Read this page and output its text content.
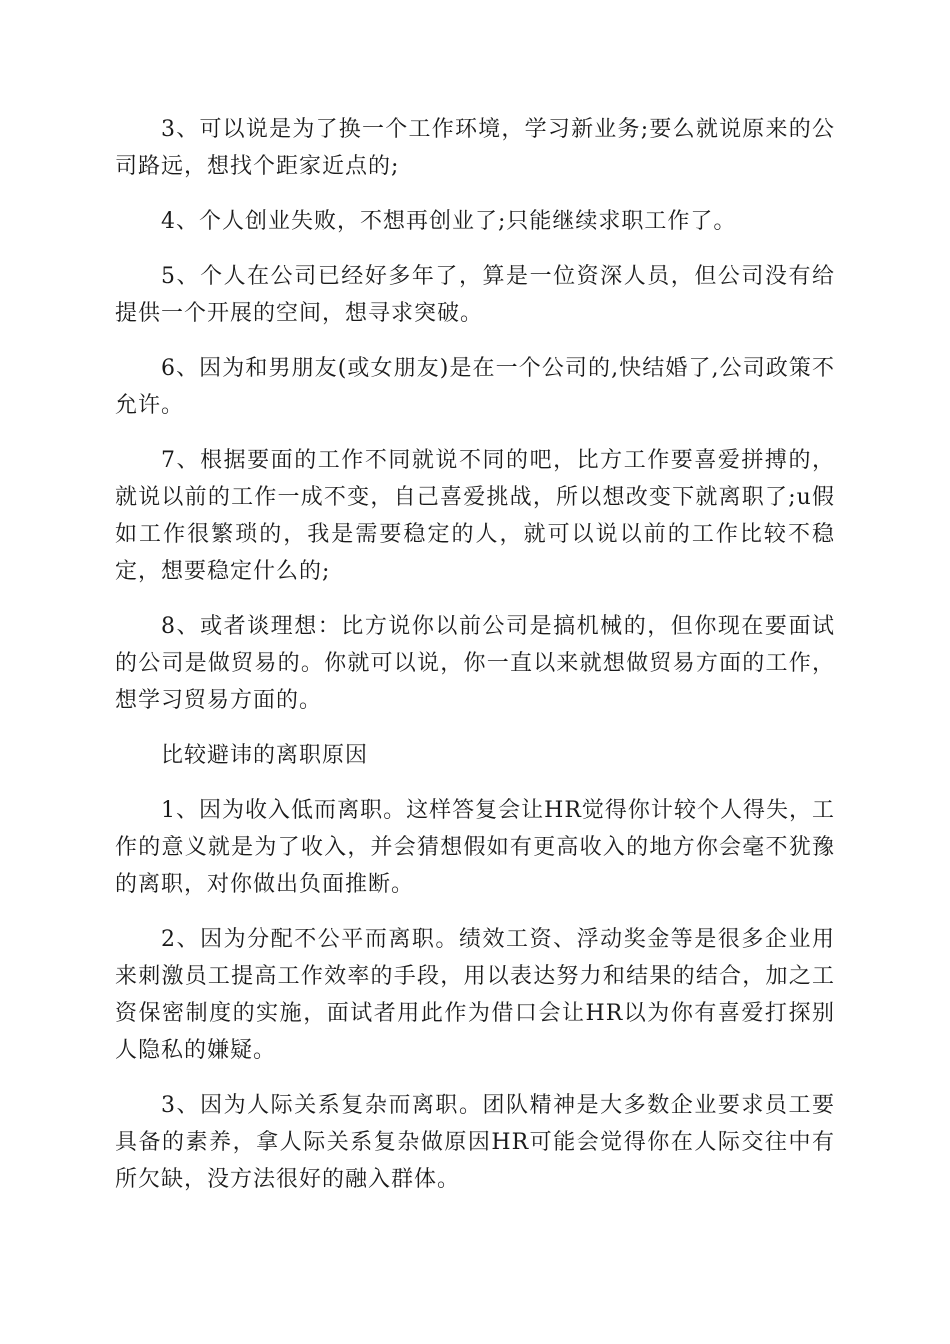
3、可以说是为了换一个工作环境，学习新业务;要么就说原来的公司路远，想找个距家近点的;

4、个人创业失败，不想再创业了;只能继续求职工作了。

5、个人在公司已经好多年了，算是一位资深人员，但公司没有给提供一个开展的空间，想寻求突破。

6、因为和男朋友(或女朋友)是在一个公司的,快结婚了,公司政策不允许。

7、根据要面的工作不同就说不同的吧，比方工作要喜爱拼搏的，就说以前的工作一成不变，自己喜爱挑战，所以想改变下就离职了;u假如工作很繁琐的，我是需要稳定的人，就可以说以前的工作比较不稳定，想要稳定什么的;

8、或者谈理想：比方说你以前公司是搞机械的，但你现在要面试的公司是做贸易的。你就可以说，你一直以来就想做贸易方面的工作，想学习贸易方面的。

比较避讳的离职原因

1、因为收入低而离职。这样答复会让HR觉得你计较个人得失，工作的意义就是为了收入，并会猜想假如有更高收入的地方你会毫不犹豫的离职，对你做出负面推断。

2、因为分配不公平而离职。绩效工资、浮动奖金等是很多企业用来刺激员工提高工作效率的手段，用以表达努力和结果的结合，加之工资保密制度的实施，面试者用此作为借口会让HR以为你有喜爱打探别人隐私的嫌疑。

3、因为人际关系复杂而离职。团队精神是大多数企业要求员工要具备的素养，拿人际关系复杂做原因HR可能会觉得你在人际交往中有所欠缺，没方法很好的融入群体。
